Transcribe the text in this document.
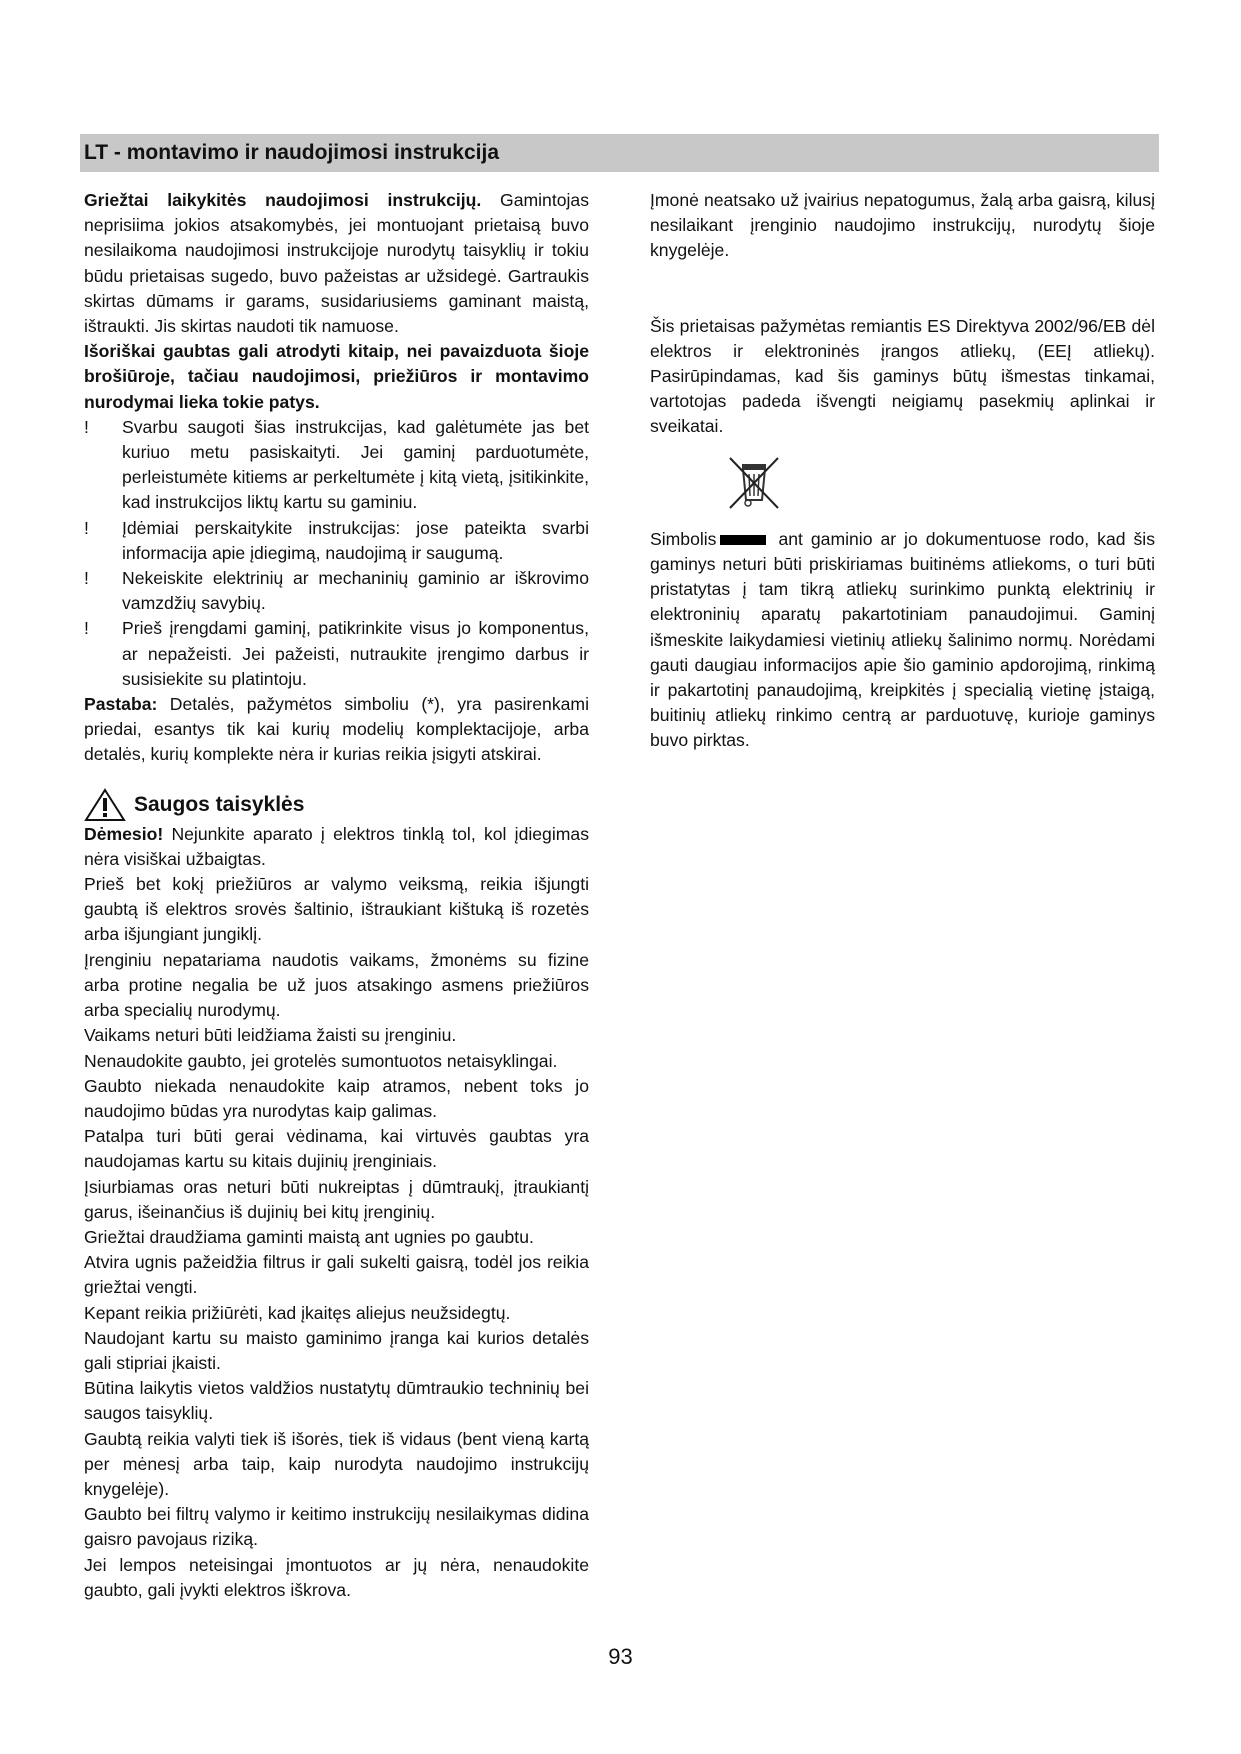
LT - montavimo ir naudojimosi instrukcija

Griežtai laikykitės naudojimosi instrukcijų. Gamintojas neprisiima jokios atsakomybės, jei montuojant prietaisą buvo nesilaikoma naudojimosi instrukcijoje nurodytų taisyklių ir tokiu būdu prietaisas sugedo, buvo pažeistas ar užsidegė. Gartraukis skirtas dūmams ir garams, susidariusiems gaminant maistą, ištraukti. Jis skirtas naudoti tik namuose.

Išoriškai gaubtas gali atrodyti kitaip, nei pavaizduota šioje brošiūroje, tačiau naudojimosi, priežiūros ir montavimo nurodymai lieka tokie patys.

!	Svarbu saugoti šias instrukcijas, kad galėtumėte jas bet kuriuo metu pasiskaityti. Jei gaminį parduotumėte, perleistumėte kitiems ar perkeltumėte į kitą vietą, įsitikinkite, kad instrukcijos liktų kartu su gaminiu.
!	Įdėmiai perskaitykite instrukcijas: jose pateikta svarbi informacija apie įdiegimą, naudojimą ir saugumą.
!	Nekeiskite elektrinių ar mechaninių gaminio ar iškrovimo vamzdžių savybių.
!	Prieš įrengdami gaminį, patikrinkite visus jo komponentus, ar nepažeisti. Jei pažeisti, nutraukite įrengimo darbus ir susisiekite su platintoju.

Pastaba: Detalės, pažymėtos simboliu (*), yra pasirenkami priedai, esantys tik kai kurių modelių komplektacijoje, arba detalės, kurių komplekte nėra ir kurias reikia įsigyti atskirai.

Saugos taisyklės

Dėmesio! Nejunkite aparato į elektros tinklą tol, kol įdiegimas nėra visiškai užbaigtas.

Prieš bet kokį priežiūros ar valymo veiksmą, reikia išjungti gaubtą iš elektros srovės šaltinio, ištraukiant kištuką iš rozetės arba išjungiant jungiklį.

Įrenginiu nepatariama naudotis vaikams, žmonėms su fizine arba protine negalia be už juos atsakingo asmens priežiūros arba specialių nurodymų.

Vaikams neturi būti leidžiama žaisti su įrenginiu.

Nenaudokite gaubto, jei grotelės sumontuotos netaisyklingai.

Gaubto niekada nenaudokite kaip atramos, nebent toks jo naudojimo būdas yra nurodytas kaip galimas.

Patalpa turi būti gerai vėdinama, kai virtuvės gaubtas yra naudojamas kartu su kitais dujinių įrenginiais.

Įsiurbiamas oras neturi būti nukreiptas į dūmtraukį, įtraukiantį garus, išeinančius iš dujinių bei kitų įrenginių.

Griežtai draudžiama gaminti maistą ant ugnies po gaubtu.

Atvira ugnis pažeidžia filtrus ir gali sukelti gaisrą, todėl jos reikia griežtai vengti.

Kepant reikia prižiūrėti, kad įkaitęs aliejus neužsidegtų.

Naudojant kartu su maisto gaminimo įranga kai kurios detalės gali stipriai įkaisti.

Būtina laikytis vietos valdžios nustatytų dūmtraukio techninių bei saugos taisyklių.

Gaubtą reikia valyti tiek iš išorės, tiek iš vidaus (bent vieną kartą per mėnesį arba taip, kaip nurodyta naudojimo instrukcijų knygelėje).

Gaubto bei filtrų valymo ir keitimo instrukcijų nesilaikymas didina gaisro pavojaus riziką.

Jei lempos neteisingai įmontuotos ar jų nėra, nenaudokite gaubto, gali įvykti elektros iškrova.

Įmonė neatsako už įvairius nepatogumus, žalą arba gaisrą, kilusį nesilaikant įrenginio naudojimo instrukcijų, nurodytų šioje knygelėje.

Šis prietaisas pažymėtas remiantis ES Direktyva 2002/96/EB dėl elektros ir elektroninės įrangos atliekų, (EEĮ atliekų). Pasirūpindamas, kad šis gaminys būtų išmestas tinkamai, vartotojas padeda išvengti neigiamų pasekmių aplinkai ir sveikatai.

Simbolis	ant gaminio ar jo dokumentuose rodo, kad šis gaminys neturi būti priskiriamas buitinėms atliekoms, o turi būti pristatytas į tam tikrą atliekų surinkimo punktą elektrinių ir elektroninių aparatų pakartotiniam panaudojimui. Gaminį išmeskite laikydamiesi vietinių atliekų šalinimo normų. Norėdami gauti daugiau informacijos apie šio gaminio apdorojimą, rinkimą ir pakartotinį panaudojimą, kreipkitės į specialią vietinę įstaigą, buitinių atliekų rinkimo centrą ar parduotuvę, kurioje gaminys buvo pirktas.

93
